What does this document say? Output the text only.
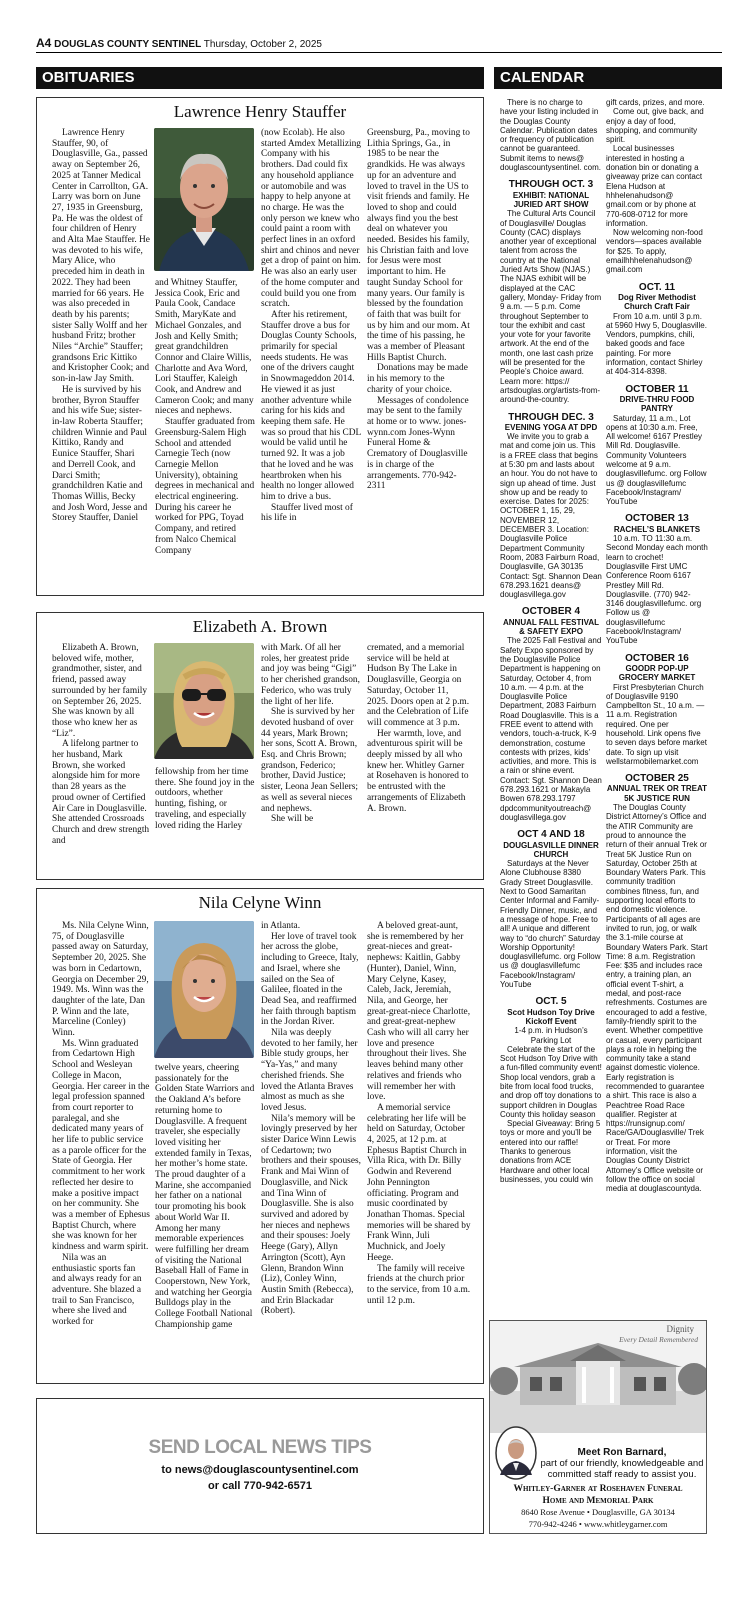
A4 DOUGLAS COUNTY SENTINEL Thursday, October 2, 2025
OBITUARIES	CALENDAR
Lawrence Henry Stauffer

Lawrence Henry Stauffer, 90, of Douglasville, Ga., passed away on September 26, 2025 at Tanner Medical Center in Carrollton, GA. Larry was born on June 27, 1935 in Greensburg, Pa. He was the oldest of four children of Henry and Alta Mae Stauffer. He was devoted to his wife, Mary Alice, who preceded him in death in 2022. They had been married for 66 years. He was also preceded in death by his parents; sister Sally Wolff and her husband Fritz; brother Niles “Archie” Stauffer; grandsons Eric Kittiko and Kristopher Cook; and son-in-law Jay Smith.

He is survived by his brother, Byron Stauffer and his wife Sue; sister-in-law Roberta Stauffer; children Winnie and Paul Kittiko, Randy and Eunice Stauffer, Shari and Derrell Cook, and Darci Smith; grandchildren Katie and Thomas Willis, Becky and Josh Word, Jesse and Storey Stauffer, Daniel

and Whitney Stauffer, Jessica Cook, Eric and Paula Cook, Candace Smith, MaryKate and Michael Gonzales, and Josh and Kelly Smith; great grandchildren Connor and Claire Willis, Charlotte and Ava Word, Lori Stauffer, Kaleigh Cook, and Andrew and Cameron Cook; and many nieces and nephews.

Stauffer graduated from Greensburg-Salem High School and attended Carnegie Tech (now Carnegie Mellon University), obtaining degrees in mechanical and electrical engineering. During his career he worked for PPG, Toyad Company, and retired from Nalco Chemical Company

(now Ecolab). He also started Amdex Metallizing Company with his brothers. Dad could fix any household appliance or automobile and was happy to help anyone at no charge. He was the only person we knew who could paint a room with perfect lines in an oxford shirt and chinos and never get a drop of paint on him. He was also an early user of the home computer and could build you one from scratch.

After his retirement, Stauffer drove a bus for Douglas County Schools, primarily for special needs students. He was one of the drivers caught in Snowmageddon 2014. He viewed it as just another adventure while caring for his kids and keeping them safe. He was so proud that his CDL would be valid until he turned 92. It was a job that he loved and he was heartbroken when his health no longer allowed him to drive a bus.

Stauffer lived most of his life in

Greensburg, Pa., moving to Lithia Springs, Ga., in 1985 to be near the grandkids. He was always up for an adventure and loved to travel in the US to visit friends and family. He loved to shop and could always find you the best deal on whatever you needed. Besides his family, his Christian faith and love for Jesus were most important to him. He taught Sunday School for many years. Our family is blessed by the foundation of faith that was built for us by him and our mom. At the time of his passing, he was a member of Pleasant Hills Baptist Church.

Donations may be made in his memory to the charity of your choice.

Messages of condolence may be sent to the family at home or to www. jones-wynn.com Jones-Wynn Funeral Home & Crematory of Douglasville is in charge of the arrangements. 770-942-2311

Elizabeth A. Brown

Elizabeth A. Brown, beloved wife, mother, grandmother, sister, and friend, passed away surrounded by her family on September 26, 2025. She was known by all those who knew her as “Liz”.

A lifelong partner to her husband, Mark Brown, she worked alongside him for more than 28 years as the proud owner of Certified Air Care in Douglasville. She attended Crossroads Church and drew strength and

fellowship from her time there. She found joy in the outdoors, whether hunting, fishing, or traveling, and especially loved riding the Harley

with Mark. Of all her roles, her greatest pride and joy was being “Gigi” to her cherished grandson, Federico, who was truly the light of her life.

She is survived by her devoted husband of over 44 years, Mark Brown; her sons, Scott A. Brown, Esq. and Chris Brown; grandson, Federico; brother, David Justice; sister, Leona Jean Sellers; as well as several nieces and nephews.

She will be

cremated, and a memorial service will be held at Hudson By The Lake in Douglasville, Georgia on Saturday, October 11, 2025. Doors open at 2 p.m. and the Celebration of Life will commence at 3 p.m.

Her warmth, love, and adventurous spirit will be deeply missed by all who knew her. Whitley Garner at Rosehaven is honored to be entrusted with the arrangements of Elizabeth A. Brown.

Nila Celyne Winn

Ms. Nila Celyne Winn, 75, of Douglasville passed away on Saturday, September 20, 2025. She was born in Cedartown, Georgia on December 29, 1949. Ms. Winn was the daughter of the late, Dan P. Winn and the late, Marceline (Conley) Winn.

Ms. Winn graduated from Cedartown High School and Wesleyan College in Macon, Georgia. Her career in the legal profession spanned from court reporter to paralegal, and she dedicated many years of her life to public service as a parole officer for the State of Georgia. Her commitment to her work reflected her desire to make a positive impact on her community. She was a member of Ephesus Baptist Church, where she was known for her kindness and warm spirit.

Nila was an enthusiastic sports fan and always ready for an adventure. She blazed a trail to San Francisco, where she lived and worked for

twelve years, cheering passionately for the Golden State Warriors and the Oakland A’s before returning home to Douglasville. A frequent traveler, she especially loved visiting her extended family in Texas, her mother’s home state. The proud daughter of a Marine, she accompanied her father on a national tour promoting his book about World War II. Among her many memorable experiences were fulfilling her dream of visiting the National Baseball Hall of Fame in Cooperstown, New York, and watching her Georgia Bulldogs play in the College Football National Championship game

in Atlanta.

Her love of travel took her across the globe, including to Greece, Italy, and Israel, where she sailed on the Sea of Galilee, floated in the Dead Sea, and reaffirmed her faith through baptism in the Jordan River.

Nila was deeply devoted to her family, her Bible study groups, her “Ya-Yas,” and many cherished friends. She loved the Atlanta Braves almost as much as she loved Jesus.

Nila’s memory will be lovingly preserved by her sister Darice Winn Lewis of Cedartown; two brothers and their spouses, Frank and Mai Winn of Douglasville, and Nick and Tina Winn of Douglasville. She is also survived and adored by her nieces and nephews and their spouses: Joely Heege (Gary), Allyn Arrington (Scott), Ayn Glenn, Brandon Winn (Liz), Conley Winn, Austin Smith (Rebecca), and Erin Blackadar (Robert).

A beloved great-aunt, she is remembered by her great-nieces and great-nephews: Kaitlin, Gabby (Hunter), Daniel, Winn, Mary Celyne, Kasey, Caleb, Jack, Jeremiah, Nila, and George, her great-great-niece Charlotte, and great-great-nephew Cash who will all carry her love and presence throughout their lives. She leaves behind many other relatives and friends who will remember her with love.

A memorial service celebrating her life will be held on Saturday, October 4, 2025, at 12 p.m. at Ephesus Baptist Church in Villa Rica, with Dr. Billy Godwin and Reverend John Pennington officiating. Program and music coordinated by Jonathan Thomas. Special memories will be shared by Frank Winn, Juli Muchnick, and Joely Heege.

The family will receive friends at the church prior to the service, from 10 a.m. until 12 p.m.

SEND LOCAL NEWS TIPS
to news@douglascountysentinel.com
or call 770-942-6571

There is no charge to have your listing included in the Douglas County Calendar. Publication dates or frequency of publication cannot be guaranteed. Submit items to news@ douglascountysentinel. com.

THROUGH OCT. 3
EXHIBIT: NATIONAL JURIED ART SHOW

The Cultural Arts Council of Douglasville/ Douglas County (CAC) displays another year of exceptional talent from across the country at the National Juried Arts Show (NJAS.) The NJAS exhibit will be displayed at the CAC gallery, Monday- Friday from 9 a.m. — 5 p.m. Come throughout September to tour the exhibit and cast your vote for your favorite artwork. At the end of the month, one last cash prize will be presented for the People’s Choice award. Learn more: https:// artsdouglas.org/artists-from-around-the-country.

THROUGH DEC. 3
EVENING YOGA AT DPD

We invite you to grab a mat and come join us. This is a FREE class that begins at 5:30 pm and lasts about an hour. You do not have to sign up ahead of time. Just show up and be ready to exercise. Dates for 2025: OCTOBER 1, 15, 29, NOVEMBER 12, DECEMBER 3. Location: Douglasville Police Department Community Room, 2083 Fairburn Road, Douglasville, GA 30135 Contact: Sgt. Shannon Dean 678.293.1621 deans@ douglasvillega.gov

OCTOBER 4
ANNUAL FALL FESTIVAL & SAFETY EXPO

The 2025 Fall Festival and Safety Expo sponsored by the Douglasville Police Department is happening on Saturday, October 4, from 10 a.m. — 4 p.m. at the Douglasville Police Department, 2083 Fairburn Road Douglasville. This is a FREE event to attend with vendors, touch-a-truck, K-9 demonstration, costume contests with prizes, kids’ activities, and more. This is a rain or shine event. Contact: Sgt. Shannon Dean 678.293.1621 or Makayla Bowen 678.293.1797 dpdcommunityoutreach@ douglasvillega.gov

OCT 4 AND 18
DOUGLASVILLE DINNER CHURCH

Saturdays at the Never Alone Clubhouse 8380 Grady Street Douglasville. Next to Good Samaritan Center Informal and Family-Friendly Dinner, music, and a message of hope. Free to all! A unique and different way to “do church” Saturday Worship Opportunity! douglasvillefumc. org Follow us @ douglasvillefumc Facebook/Instagram/ YouTube

OCT. 5
Scot Hudson Toy Drive Kickoff Event

1-4 p.m. in Hudson’s Parking Lot

Celebrate the start of the Scot Hudson Toy Drive with a fun-filled community event! Shop local vendors, grab a bite from local food trucks, and drop off toy donations to support children in Douglas County this holiday season

Special Giveaway: Bring 5 toys or more and you’ll be entered into our raffle! Thanks to generous donations from ACE Hardware and other local businesses, you could win

gift cards, prizes, and more.

Come out, give back, and enjoy a day of food, shopping, and community spirit.

Local businesses interested in hosting a donation bin or donating a giveaway prize can contact Elena Hudson at hhhelenahudson@ gmail.com or by phone at 770-608-0712 for more information.

Now welcoming non-food vendors—spaces available for $25. To apply, emailhhhelenahudson@ gmail.com

OCT. 11
Dog River Methodist Church Craft Fair

From 10 a.m. until 3 p.m. at 5960 Hwy 5, Douglasville. Vendors, pumpkins, chili, baked goods and face painting. For more information, contact Shirley at 404-314-8398.

OCTOBER 11
DRIVE-THRU FOOD PANTRY

Saturday, 11 a.m., Lot opens at 10:30 a.m. Free, All welcome! 6167 Prestley Mill Rd. Douglasville. Community Volunteers welcome at 9 a.m. douglasvillefumc. org Follow us @ douglasvillefumc Facebook/Instagram/ YouTube

OCTOBER 13
RACHEL’S BLANKETS

10 a.m. TO 11:30 a.m. Second Monday each month learn to crochet! Douglasville First UMC Conference Room 6167 Prestley Mill Rd. Douglasville. (770) 942-3146 douglasvillefumc. org Follow us @ douglasvillefumc Facebook/Instagram/ YouTube

OCTOBER 16
GOODR POP-UP GROCERY MARKET

First Presbyterian Church of Douglasville 9190 Campbellton St., 10 a.m. — 11 a.m. Registration required. One per household. Link opens five to seven days before market date. To sign up visit wellstarmobilemarket.com

OCTOBER 25
ANNUAL TREK OR TREAT 5K JUSTICE RUN

The Douglas County District Attorney’s Office and the ATIR Community are proud to announce the return of their annual Trek or Treat 5K Justice Run on Saturday, October 25th at Boundary Waters Park. This community tradition combines fitness, fun, and supporting local efforts to end domestic violence. Participants of all ages are invited to run, jog, or walk the 3.1-mile course at Boundary Waters Park. Start Time: 8 a.m. Registration Fee: $35 and includes race entry, a training plan, an official event T-shirt, a medal, and post-race refreshments. Costumes are encouraged to add a festive, family-friendly spirit to the event. Whether competitive or casual, every participant plays a role in helping the community take a stand against domestic violence. Early registration is recommended to guarantee a shirt. This race is also a Peachtree Road Race qualifier. Register at https://runsignup.com/ Race/GA/Douglasville/ Trek or Treat. For more information, visit the Douglas County District Attorney’s Office website or follow the office on social media at douglascountyda.

Dignity
Every Detail Remembered
Meet Ron Barnard,
part of our friendly, knowledgeable and committed staff ready to assist you.
Whitley-Garner at Rosehaven Funeral
Home and Memorial Park
8640 Rose Avenue • Douglasville, GA 30134
770-942-4246 • www.whitleygarner.com
